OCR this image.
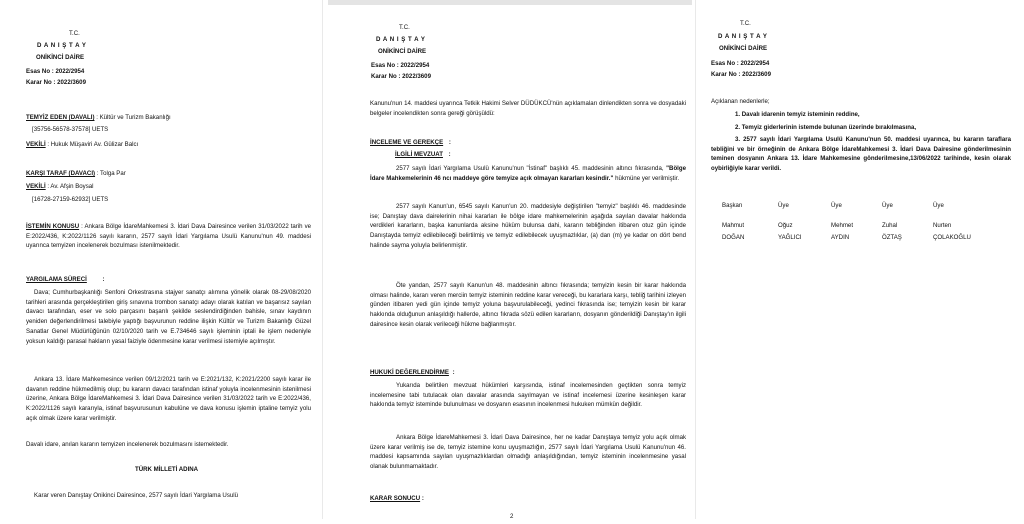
T.C.
D A N I Ş T A Y
ONİKİNCİ DAİRE
Esas No : 2022/2954
Karar No : 2022/3609
TEMYİZ EDEN (DAVALI) : Kültür ve Turizm Bakanlığı
[35756-56578-37578] UETS
VEKİLİ : Hukuk Müşaviri Av. Gülizar Balcı
KARŞI TARAF (DAVACI) : Tolga Par
VEKİLİ : Av. Afşin Boysal
[16728-27159-62932] UETS
İSTEMİN KONUSU : Ankara Bölge İdareMahkemesi 3. İdari Dava Dairesince verilen 31/03/2022 tarih ve E:2022/436, K:2022/1126 sayılı kararın, 2577 sayılı İdari Yargılama Usulü Kanunu'nun 49. maddesi uyarınca temyizen incelenerek bozulması istenilmektedir.
YARGILAMA SÜRECİ	:
Dava; Cumhurbaşkanlığı Senfoni Orkestrasına stajyer sanatçı alımına yönelik olarak 08-29/08/2020 tarihleri arasında gerçekleştirilen giriş sınavına trombon sanatçı adayı olarak katılan ve başarısız sayılan davacı tarafından, eser ve solo parçasını başarılı şekilde seslendirdiğinden bahisle, sınav kaydının yeniden değerlendirilmesi talebiyle yaptığı başvurunun reddine ilişkin Kültür ve Turizm Bakanlığı Güzel Sanatlar Genel Müdürlüğünün 02/10/2020 tarih ve E.734646 sayılı işleminin iptali ile işlem nedeniyle yoksun kaldığı parasal hakların yasal faiziyle ödenmesine karar verilmesi istemiyle açılmıştır.
Ankara 13. İdare Mahkemesince verilen 09/12/2021 tarih ve E:2021/132, K:2021/2200 sayılı karar ile davanın reddine hükmedilmiş olup; bu kararın davacı tarafından istinaf yoluyla incelenmesinin istenilmesi üzerine, Ankara Bölge İdareMahkemesi 3. İdari Dava Dairesince verilen 31/03/2022 tarih ve E:2022/436, K:2022/1126 sayılı kararıyla, istinaf başvurusunun kabulüne ve dava konusu işlemin iptaline temyiz yolu açık olmak üzere karar verilmiştir.
Davalı idare, anılan kararın temyizen incelenerek bozulmasını istemektedir.
TÜRK MİLLETİ ADINA
Karar veren Danıştay Onikinci Dairesince, 2577 sayılı İdari Yargılama Usulü
T.C.
D A N I Ş T A Y
ONİKİNCİ DAİRE
Esas No : 2022/2954
Karar No : 2022/3609
Kanunu'nun 14. maddesi uyarınca Tetkik Hakimi Selver DÜDÜKCÜ'nün açıklamaları dinlendikten sonra ve dosyadaki belgeler incelendikten sonra gereği görüşüldü:
İNCELEME VE GEREKÇE :
İLGİLİ MEVZUAT :
2577 sayılı İdari Yargılama Usulü Kanunu'nun "İstinaf" başlıklı 45. maddesinin altıncı fıkrasında, "Bölge İdare Mahkemelerinin 46 ncı maddeye göre temyize açık olmayan kararları kesindir." hükmüne yer verilmiştir.
2577 sayılı Kanun'un, 6545 sayılı Kanun'un 20. maddesiyle değiştirilen "temyiz" başlıklı 46. maddesinde ise; Danıştay dava dairelerinin nihai kararları ile bölge idare mahkemelerinin aşağıda sayılan davalar hakkında verdikleri kararların, başka kanunlarda aksine hüküm bulunsa dahi, kararın tebliğinden itibaren otuz gün içinde Danıştayda temyiz edilebileceği belirtilmiş ve temyiz edilebilecek uyuşmazlıklar, (a) dan (m) ye kadar on dört bend halinde sayma yoluyla belirlenmiştir.
Öte yandan, 2577 sayılı Kanun'un 48. maddesinin altıncı fıkrasında; temyizin kesin bir karar hakkında olması halinde, kararı veren merciin temyiz isteminin reddine karar vereceği, bu kararlara karşı, tebliğ tarihini izleyen günden itibaren yedi gün içinde temyiz yoluna başvurulabileceği, yedinci fıkrasında ise; temyizin kesin bir karar hakkında olduğunun anlaşıldığı hallerde, altıncı fıkrada sözü edilen kararların, dosyanın gönderildiği Danıştay'ın ilgili dairesince kesin olarak verileceği hükme bağlanmıştır.
HUKUKİ DEĞERLENDİRME :
Yukarıda belirtilen mevzuat hükümleri karşısında, istinaf incelemesinden geçtikten sonra temyiz incelemesine tabi tutulacak olan davalar arasında sayılmayan ve istinaf incelemesi üzerine kesinleşen karar hakkında temyiz isteminde bulunulması ve dosyanın esasının incelenmesi hukuken mümkün değildir.
Ankara Bölge İdareMahkemesi 3. İdari Dava Dairesince, her ne kadar Danıştaya temyiz yolu açık olmak üzere karar verilmiş ise de, temyiz istemine konu uyuşmazlığın, 2577 sayılı İdari Yargılama Usulü Kanunu'nun 46. maddesi kapsamında sayılan uyuşmazlıklardan olmadığı anlaşıldığından, temyiz isteminin incelenmesine yasal olanak bulunmamaktadır.
KARAR SONUCU :
2
T.C.
D A N I Ş T A Y
ONİKİNCİ DAİRE
Esas No : 2022/2954
Karar No : 2022/3609
Açıklanan nedenlerle;
1. Davalı idarenin temyiz isteminin reddine,
2. Temyiz giderlerinin istemde bulunan üzerinde bırakılmasına,
3. 2577 sayılı İdari Yargılama Usulü Kanunu'nun 50. maddesi uyarınca, bu kararın taraflara tebliğini ve bir örneğinin de Ankara Bölge İdareMahkemesi 3. İdari Dava Dairesine gönderilmesinin teminen dosyanın Ankara 13. İdare Mahkemesine gönderilmesine,13/06/2022 tarihinde, kesin olarak oybirliğiyle karar verildi.
Başkan
Mahmut
DOĞAN
Üye
Oğuz
YAĞLICI
Üye
Mehmet
AYDIN
Üye
Zuhal
ÖZTAŞ
Üye
Nurten
ÇOLAKOĞLU
